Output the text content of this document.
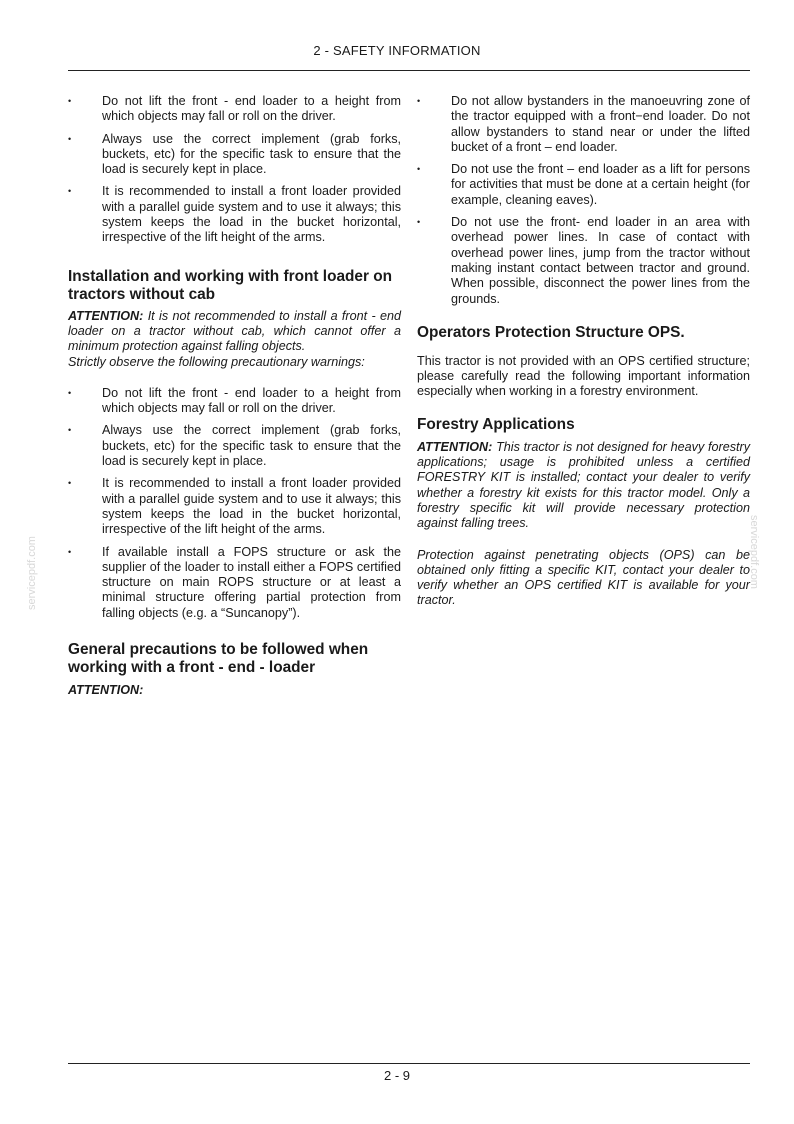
2 - SAFETY INFORMATION
servicepdf.com	servicepdf.com
• Do not lift the front - end loader to a height from which objects may fall or roll on the driver.
• Always use the correct implement (grab forks, buckets, etc) for the specific task to ensure that the load is securely kept in place.
• It is recommended to install a front loader provided with a parallel guide system and to use it always; this system keeps the load in the bucket horizontal, irrespective of the lift height of the arms.
Installation and working with front loader on tractors without cab

ATTENTION: It is not recommended to install a front - end loader on a tractor without cab, which cannot offer a minimum protection against falling objects.

Strictly observe the following precautionary warnings:

• Do not lift the front - end loader to a height from which objects may fall or roll on the driver.
• Always use the correct implement (grab forks, buckets, etc) for the specific task to ensure that the load is securely kept in place.
• It is recommended to install a front loader provided with a parallel guide system and to use it always; this system keeps the load in the bucket horizontal, irrespective of the lift height of the arms.
• If available install a FOPS structure or ask the supplier of the loader to install either a FOPS certified structure on main ROPS structure or at least a minimal structure offering partial protection from falling objects (e.g. a “Suncanopy”).
General precautions to be followed when working with a front - end - loader

ATTENTION:

• Do not allow bystanders in the manoeuvring zone of the tractor equipped with a front−end loader. Do not allow bystanders to stand near or under the lifted bucket of a front – end loader.
• Do not use the front – end loader as a lift for persons for activities that must be done at a certain height (for example, cleaning eaves).
• Do not use the front- end loader in an area with overhead power lines. In case of contact with overhead power lines, jump from the tractor without making instant contact between tractor and ground. When possible, disconnect the power lines from the grounds.
Operators Protection Structure OPS.

This tractor is not provided with an OPS certified structure; please carefully read the following important information especially when working in a forestry environment.

Forestry Applications

ATTENTION: This tractor is not designed for heavy forestry applications; usage is prohibited unless a certified FORESTRY KIT is installed; contact your dealer to verify whether a forestry kit exists for this tractor model. Only a forestry specific kit will provide necessary protection against falling trees.

Protection against penetrating objects (OPS) can be obtained only fitting a specific KIT, contact your dealer to verify whether an OPS certified KIT is available for your tractor.

2 - 9
